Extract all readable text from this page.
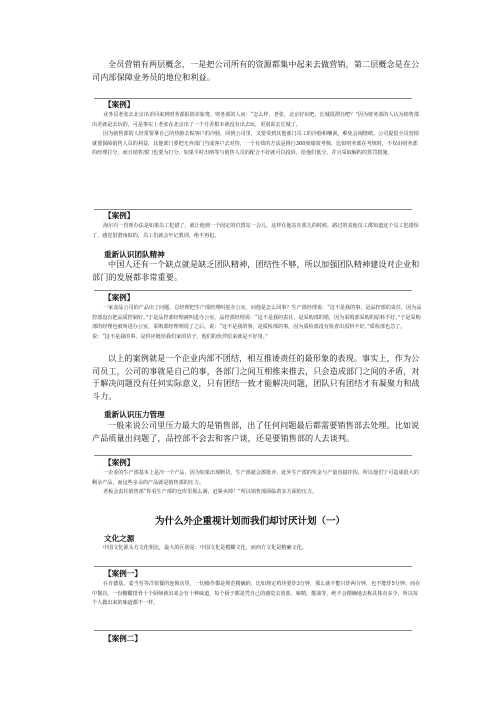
全员营销有两层概念，一是把公司所有的资源都集中起来去做营销，第二层概念是在公司内部保障业务员的地位和利益。

【案例】

业务员老张去北京出差回来到财务部报销差旅费，财务部的人问：“怎么样，老张，北京好玩吧，长城很漂亮吧？”因为财务部的人认为销售部出差就是去玩的，可是事实上老张在北京出了一个月差根本就没有出去玩，更别说去长城了。

因为销售部的人经常要拿自己的热脸去贴客户的冷脸，回到公司里，又要受到其他部门员工的冷脸和嘲讽，难免会闹情绪。公司提倡全员营销就要保障销售人员的利益，其他部门要把无弃部门当成客户去对待，一个有效的方法是推行360度绩效考核，比如财务部在考核时，不仅由财务部的经理打分，而且销售部门也要为打分，如果平时出纳等与销售人员的配合不好就可以投诉，给他们低分，并且采取解约的惩罚措施。

【案例】

海尔有一管理办法是如果员工犯错了，就让他到一个固定的位置站一会儿，这样在他站在那儿的时候，路过的其他员工都知道这个员工犯错误了，感觉很潜南似的，员工们就会牢记教训，绝不再犯。

重新认识团队精神

中国人还有一个缺点就是缺乏团队精神，团结性不够，所以加强团队精神建设对企业和部门的发展都非常重要。

【案例】

一家食品公司的产品出了问题，总经理把生产部经理叫进办公室，问他是怎么回事？生产部经理说：“这不是我的事，是品控部的责任，因为品控部没有把品质控制好。”于是品控部经理被叫进办公室，品控部经理说：“这不是我的责任，是采购部的错，因为采购部采购的原料不好。”于是采购部的经理也被叫进办公室，采购部经理则说了之后，说：“这不是我的事，是质检部的事，因为质检部没有检查出原料不好。”质检部也急了，说：“这不是我的事，是供应链给我们家的货子，他们的伙伴原来就是不好用。”

以上的案例就是一个企业内部不团结，相互推诿责任的最形象的表现。事实上，作为公司员工，公司的事就是自己的事，各部门之间互相推来推去，只会造成部门之间的矛盾，对于解决问题没有任何实际意义，只有团结一致才能解决问题，团队只有团结才有凝聚力和战斗力。

重新认识压力管理

一般来说公司里压力最大的是销售部，出了任何问题最后都需要销售部去处理。比如说产品质量出问题了，品控部不会去和客户谈，还是要销售部的人去谈判。

【案例】

一企业的生产部基本上是冷一个产品，因为如果出现断货，生产部就会挨批评，此外生产部的奖金与产量直接挂钩，所以他们宁可造成很大的剩余产品，而这些多余的产品就是销售部的压力。

老板会责任销售部“你看生产部的仓库里那么满，赶紧卖掉！”所以销售部面临着多方面的压力。

为什么外企重视计划而我们却讨厌计划（一）
文化之源

中国文化源头方文化相比，最大的区别是：中国文化是模糊文化，而西方文化是精确文化。

【案例一】

在肯德基，麦当劳等洋快餐的连锁店里，一切操作都是规范精确的，比如规定鸡块要炸3分钟，那么就不能只炸两分钟，也不能炸5分钟；而在中餐店，一份糖醋排骨十个厨师就出来会有十种味道，每个厨子都是凭自己的感觉去放盐、味精、酱油等，绝不会精确地去称具体有多少，所以每个人做出来的味道都不一样。

【案例二】
